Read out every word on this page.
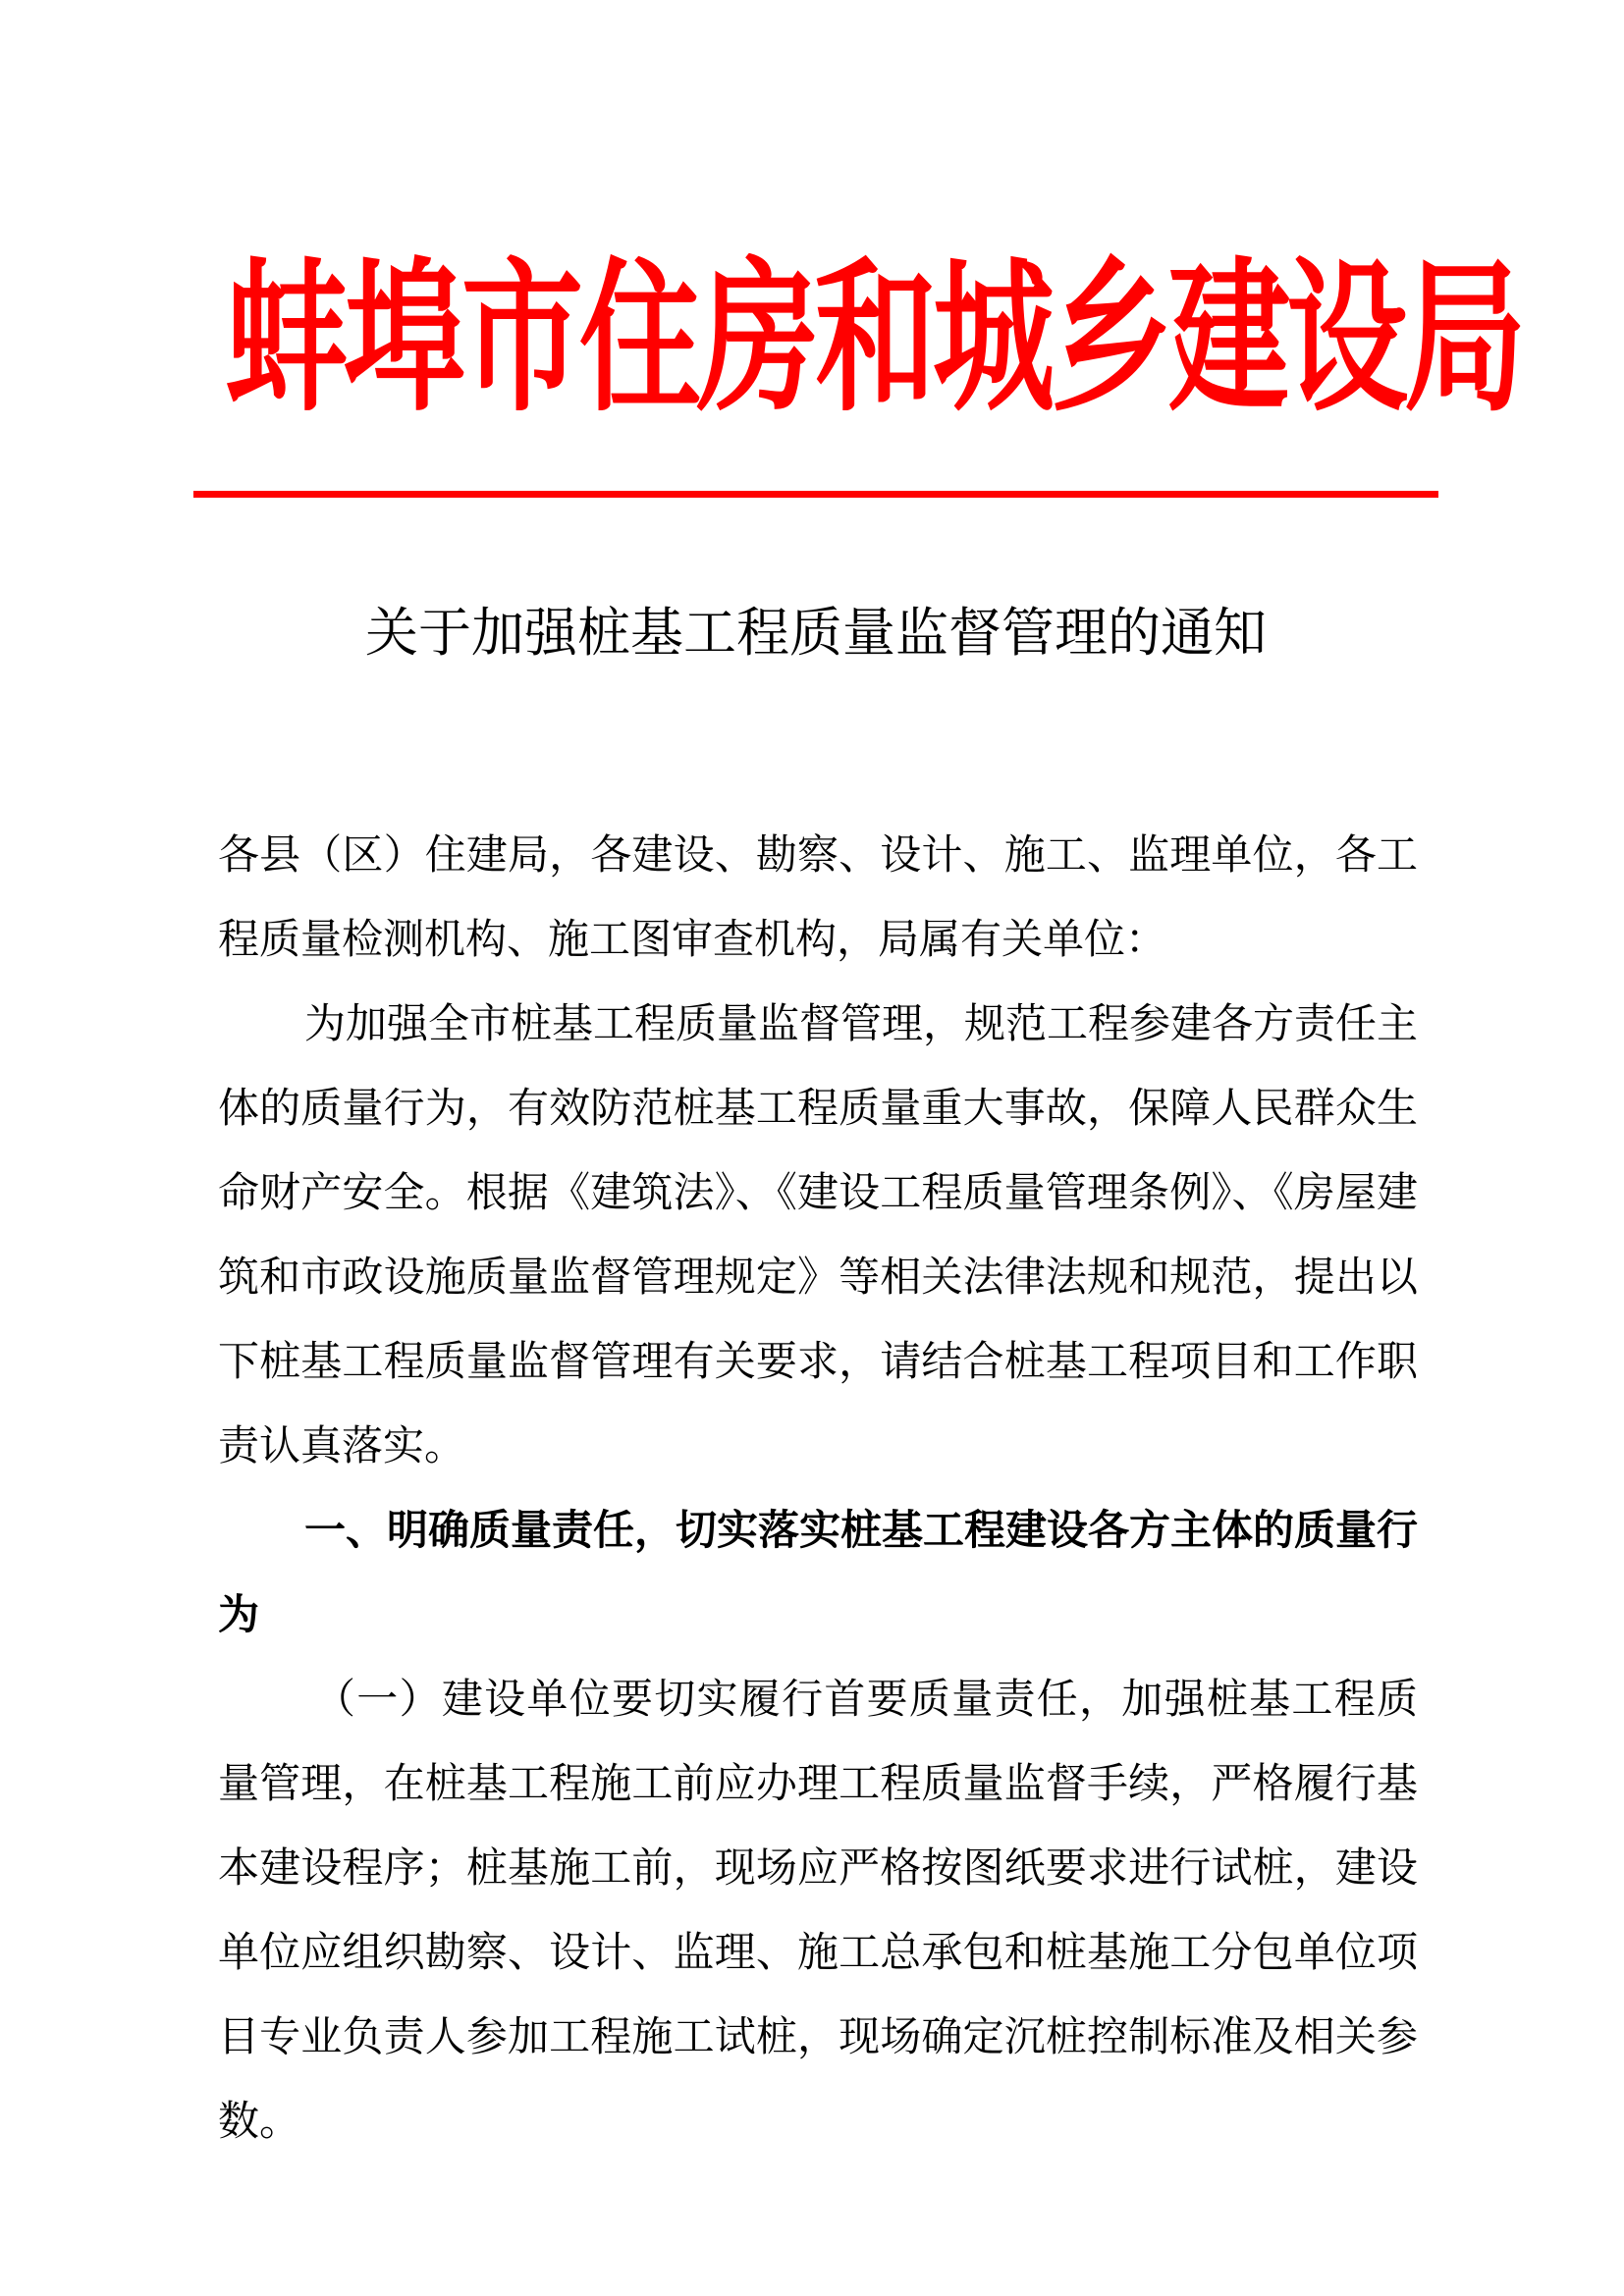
蚌埠市住房和城乡建设局
关于加强桩基工程质量监督管理的通知

各县（区）住建局，各建设、勘察、设计、施工、监理单位，各工程质量检测机构、施工图审查机构，局属有关单位：

为加强全市桩基工程质量监督管理，规范工程参建各方责任主体的质量行为，有效防范桩基工程质量重大事故，保障人民群众生命财产安全。根据《建筑法》、《建设工程质量管理条例》、《房屋建筑和市政设施质量监督管理规定》等相关法律法规和规范，提出以下桩基工程质量监督管理有关要求，请结合桩基工程项目和工作职责认真落实。

一、明确质量责任，切实落实桩基工程建设各方主体的质量行为

（一）建设单位要切实履行首要质量责任，加强桩基工程质量管理，在桩基工程施工前应办理工程质量监督手续，严格履行基本建设程序；桩基施工前，现场应严格按图纸要求进行试桩，建设单位应组织勘察、设计、监理、施工总承包和桩基施工分包单位项目专业负责人参加工程施工试桩，现场确定沉桩控制标准及相关参数。
